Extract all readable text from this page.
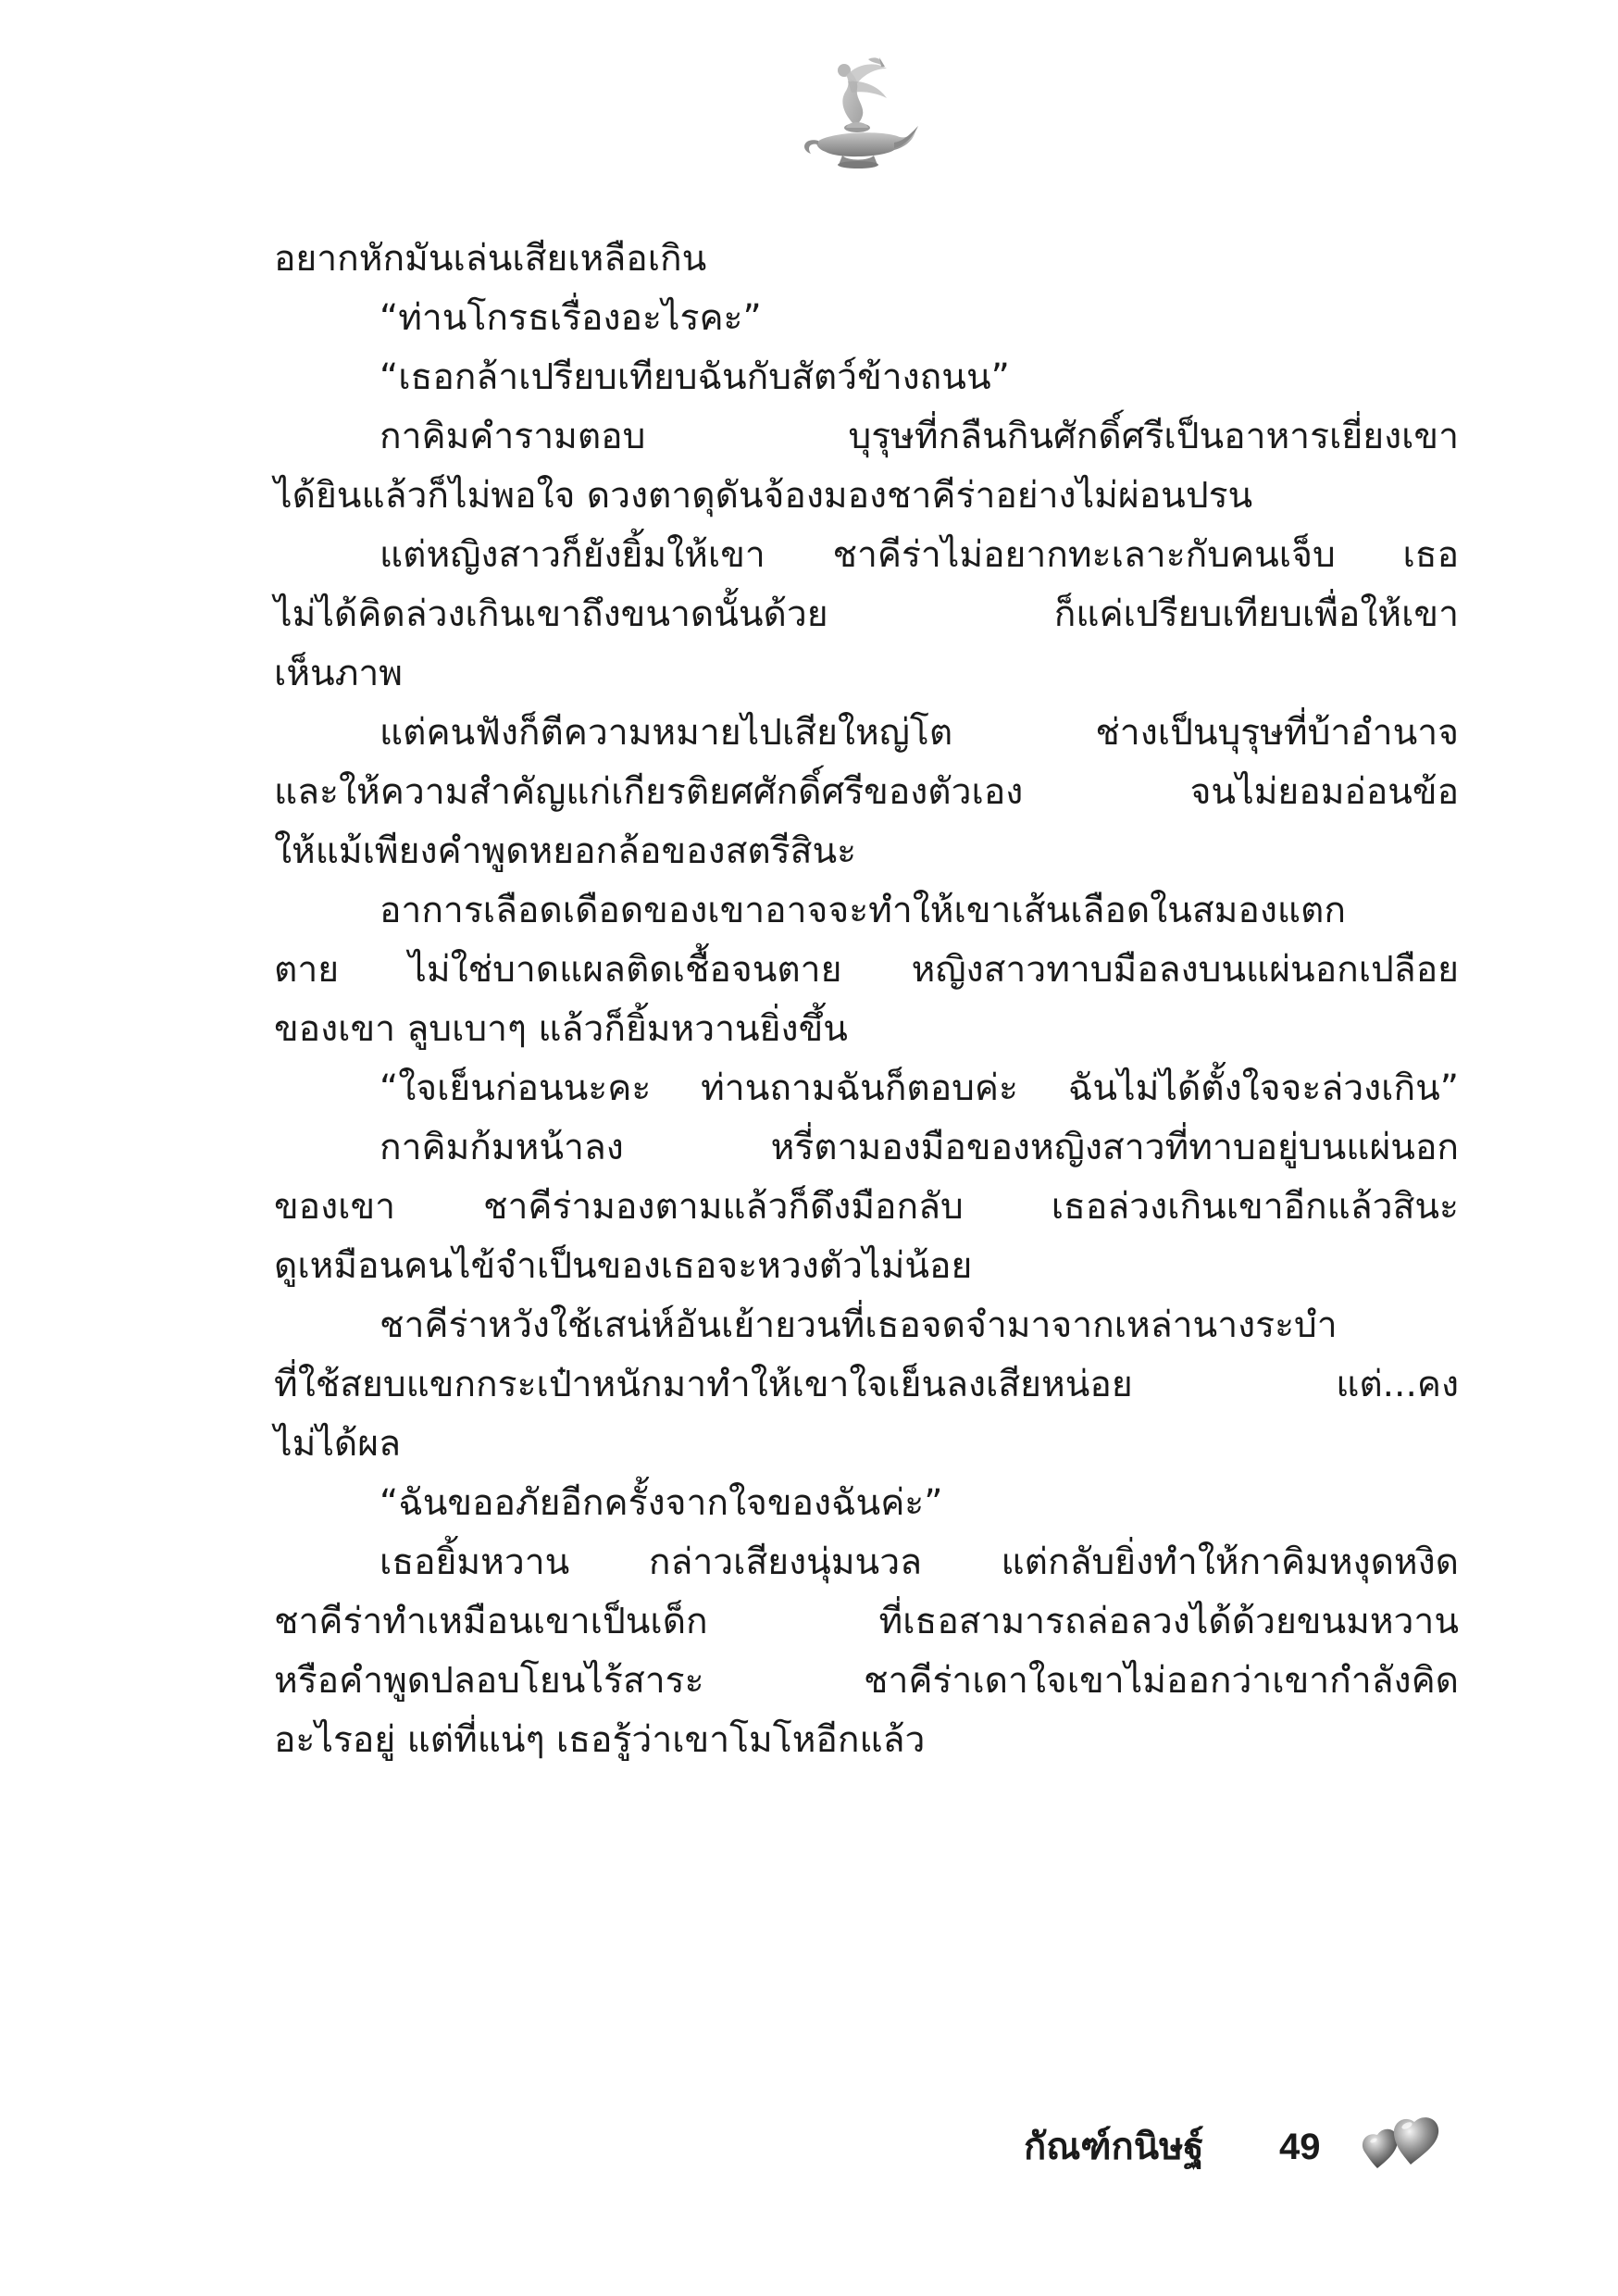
อยากหักมันเล่นเสียเหลือเกิน
“ท่านโกรธเรื่องอะไรคะ”
“เธอกล้าเปรียบเทียบฉันกับสัตว์ข้างถนน”
กาคิมคำรามตอบ บุรุษที่กลืนกินศักดิ์ศรีเป็นอาหารเยี่ยงเขา
ได้ยินแล้วก็ไม่พอใจ ดวงตาดุดันจ้องมองชาคีร่าอย่างไม่ผ่อนปรน
แต่หญิงสาวก็ยังยิ้มให้เขา ชาคีร่าไม่อยากทะเลาะกับคนเจ็บ เธอ
ไม่ได้คิดล่วงเกินเขาถึงขนาดนั้นด้วย ก็แค่เปรียบเทียบเพื่อให้เขา
เห็นภาพ
แต่คนฟังก็ตีความหมายไปเสียใหญ่โต ช่างเป็นบุรุษที่บ้าอำนาจ
และให้ความสำคัญแก่เกียรติยศศักดิ์ศรีของตัวเอง จนไม่ยอมอ่อนข้อ
ให้แม้เพียงคำพูดหยอกล้อของสตรีสินะ
อาการเลือดเดือดของเขาอาจจะทำให้เขาเส้นเลือดในสมองแตก
ตาย ไม่ใช่บาดแผลติดเชื้อจนตาย หญิงสาวทาบมือลงบนแผ่นอกเปลือย
ของเขา ลูบเบาๆ แล้วก็ยิ้มหวานยิ่งขึ้น
“ใจเย็นก่อนนะคะ ท่านถามฉันก็ตอบค่ะ ฉันไม่ได้ตั้งใจจะล่วงเกิน”
กาคิมก้มหน้าลง หรี่ตามองมือของหญิงสาวที่ทาบอยู่บนแผ่นอก
ของเขา ชาคีร่ามองตามแล้วก็ดึงมือกลับ เธอล่วงเกินเขาอีกแล้วสินะ
ดูเหมือนคนไข้จำเป็นของเธอจะหวงตัวไม่น้อย
ชาคีร่าหวังใช้เสน่ห์อันเย้ายวนที่เธอจดจำมาจากเหล่านางระบำ
ที่ใช้สยบแขกกระเป๋าหนักมาทำให้เขาใจเย็นลงเสียหน่อย แต่...คง
ไม่ได้ผล
“ฉันขออภัยอีกครั้งจากใจของฉันค่ะ”
เธอยิ้มหวาน กล่าวเสียงนุ่มนวล แต่กลับยิ่งทำให้กาคิมหงุดหงิด
ชาคีร่าทำเหมือนเขาเป็นเด็ก ที่เธอสามารถล่อลวงได้ด้วยขนมหวาน
หรือคำพูดปลอบโยนไร้สาระ ชาคีร่าเดาใจเขาไม่ออกว่าเขากำลังคิด
อะไรอยู่ แต่ที่แน่ๆ เธอรู้ว่าเขาโมโหอีกแล้ว
กัณฑ์กนิษฐ์ 49
